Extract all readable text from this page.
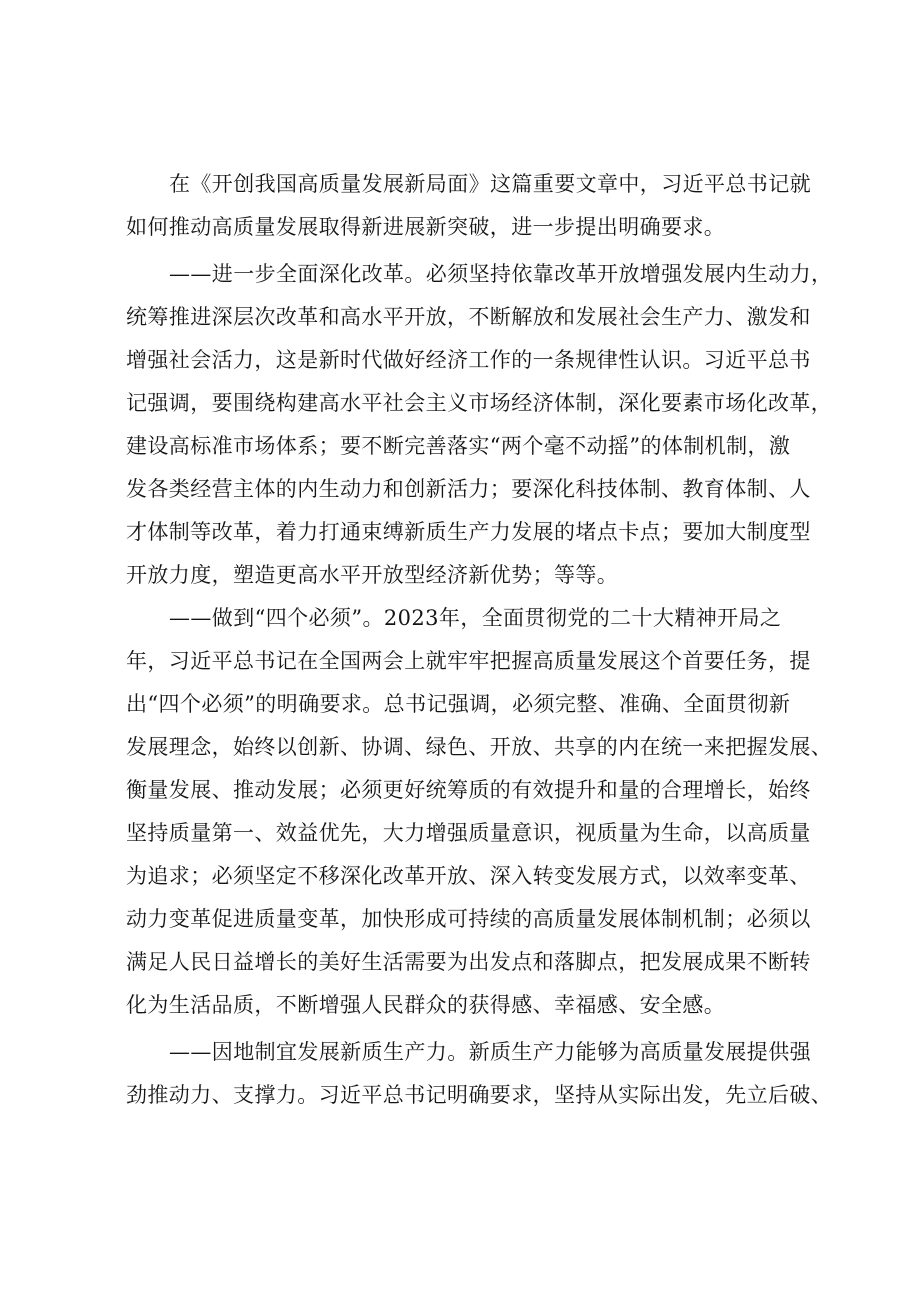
在《开创我国高质量发展新局面》这篇重要文章中，习近平总书记就
如何推动高质量发展取得新进展新突破，进一步提出明确要求。
——进一步全面深化改革。必须坚持依靠改革开放增强发展内生动力，
统筹推进深层次改革和高水平开放，不断解放和发展社会生产力、激发和
增强社会活力，这是新时代做好经济工作的一条规律性认识。习近平总书
记强调，要围绕构建高水平社会主义市场经济体制，深化要素市场化改革，
建设高标准市场体系；要不断完善落实“两个毫不动摇”的体制机制，激
发各类经营主体的内生动力和创新活力；要深化科技体制、教育体制、人
才体制等改革，着力打通束缚新质生产力发展的堵点卡点；要加大制度型
开放力度，塑造更高水平开放型经济新优势；等等。
——做到“四个必须”。2023年，全面贯彻党的二十大精神开局之
年，习近平总书记在全国两会上就牢牢把握高质量发展这个首要任务，提
出“四个必须”的明确要求。总书记强调，必须完整、准确、全面贯彻新
发展理念，始终以创新、协调、绿色、开放、共享的内在统一来把握发展、
衡量发展、推动发展；必须更好统筹质的有效提升和量的合理增长，始终
坚持质量第一、效益优先，大力增强质量意识，视质量为生命，以高质量
为追求；必须坚定不移深化改革开放、深入转变发展方式，以效率变革、
动力变革促进质量变革，加快形成可持续的高质量发展体制机制；必须以
满足人民日益增长的美好生活需要为出发点和落脚点，把发展成果不断转
化为生活品质，不断增强人民群众的获得感、幸福感、安全感。
——因地制宜发展新质生产力。新质生产力能够为高质量发展提供强
劲推动力、支撑力。习近平总书记明确要求，坚持从实际出发，先立后破、
